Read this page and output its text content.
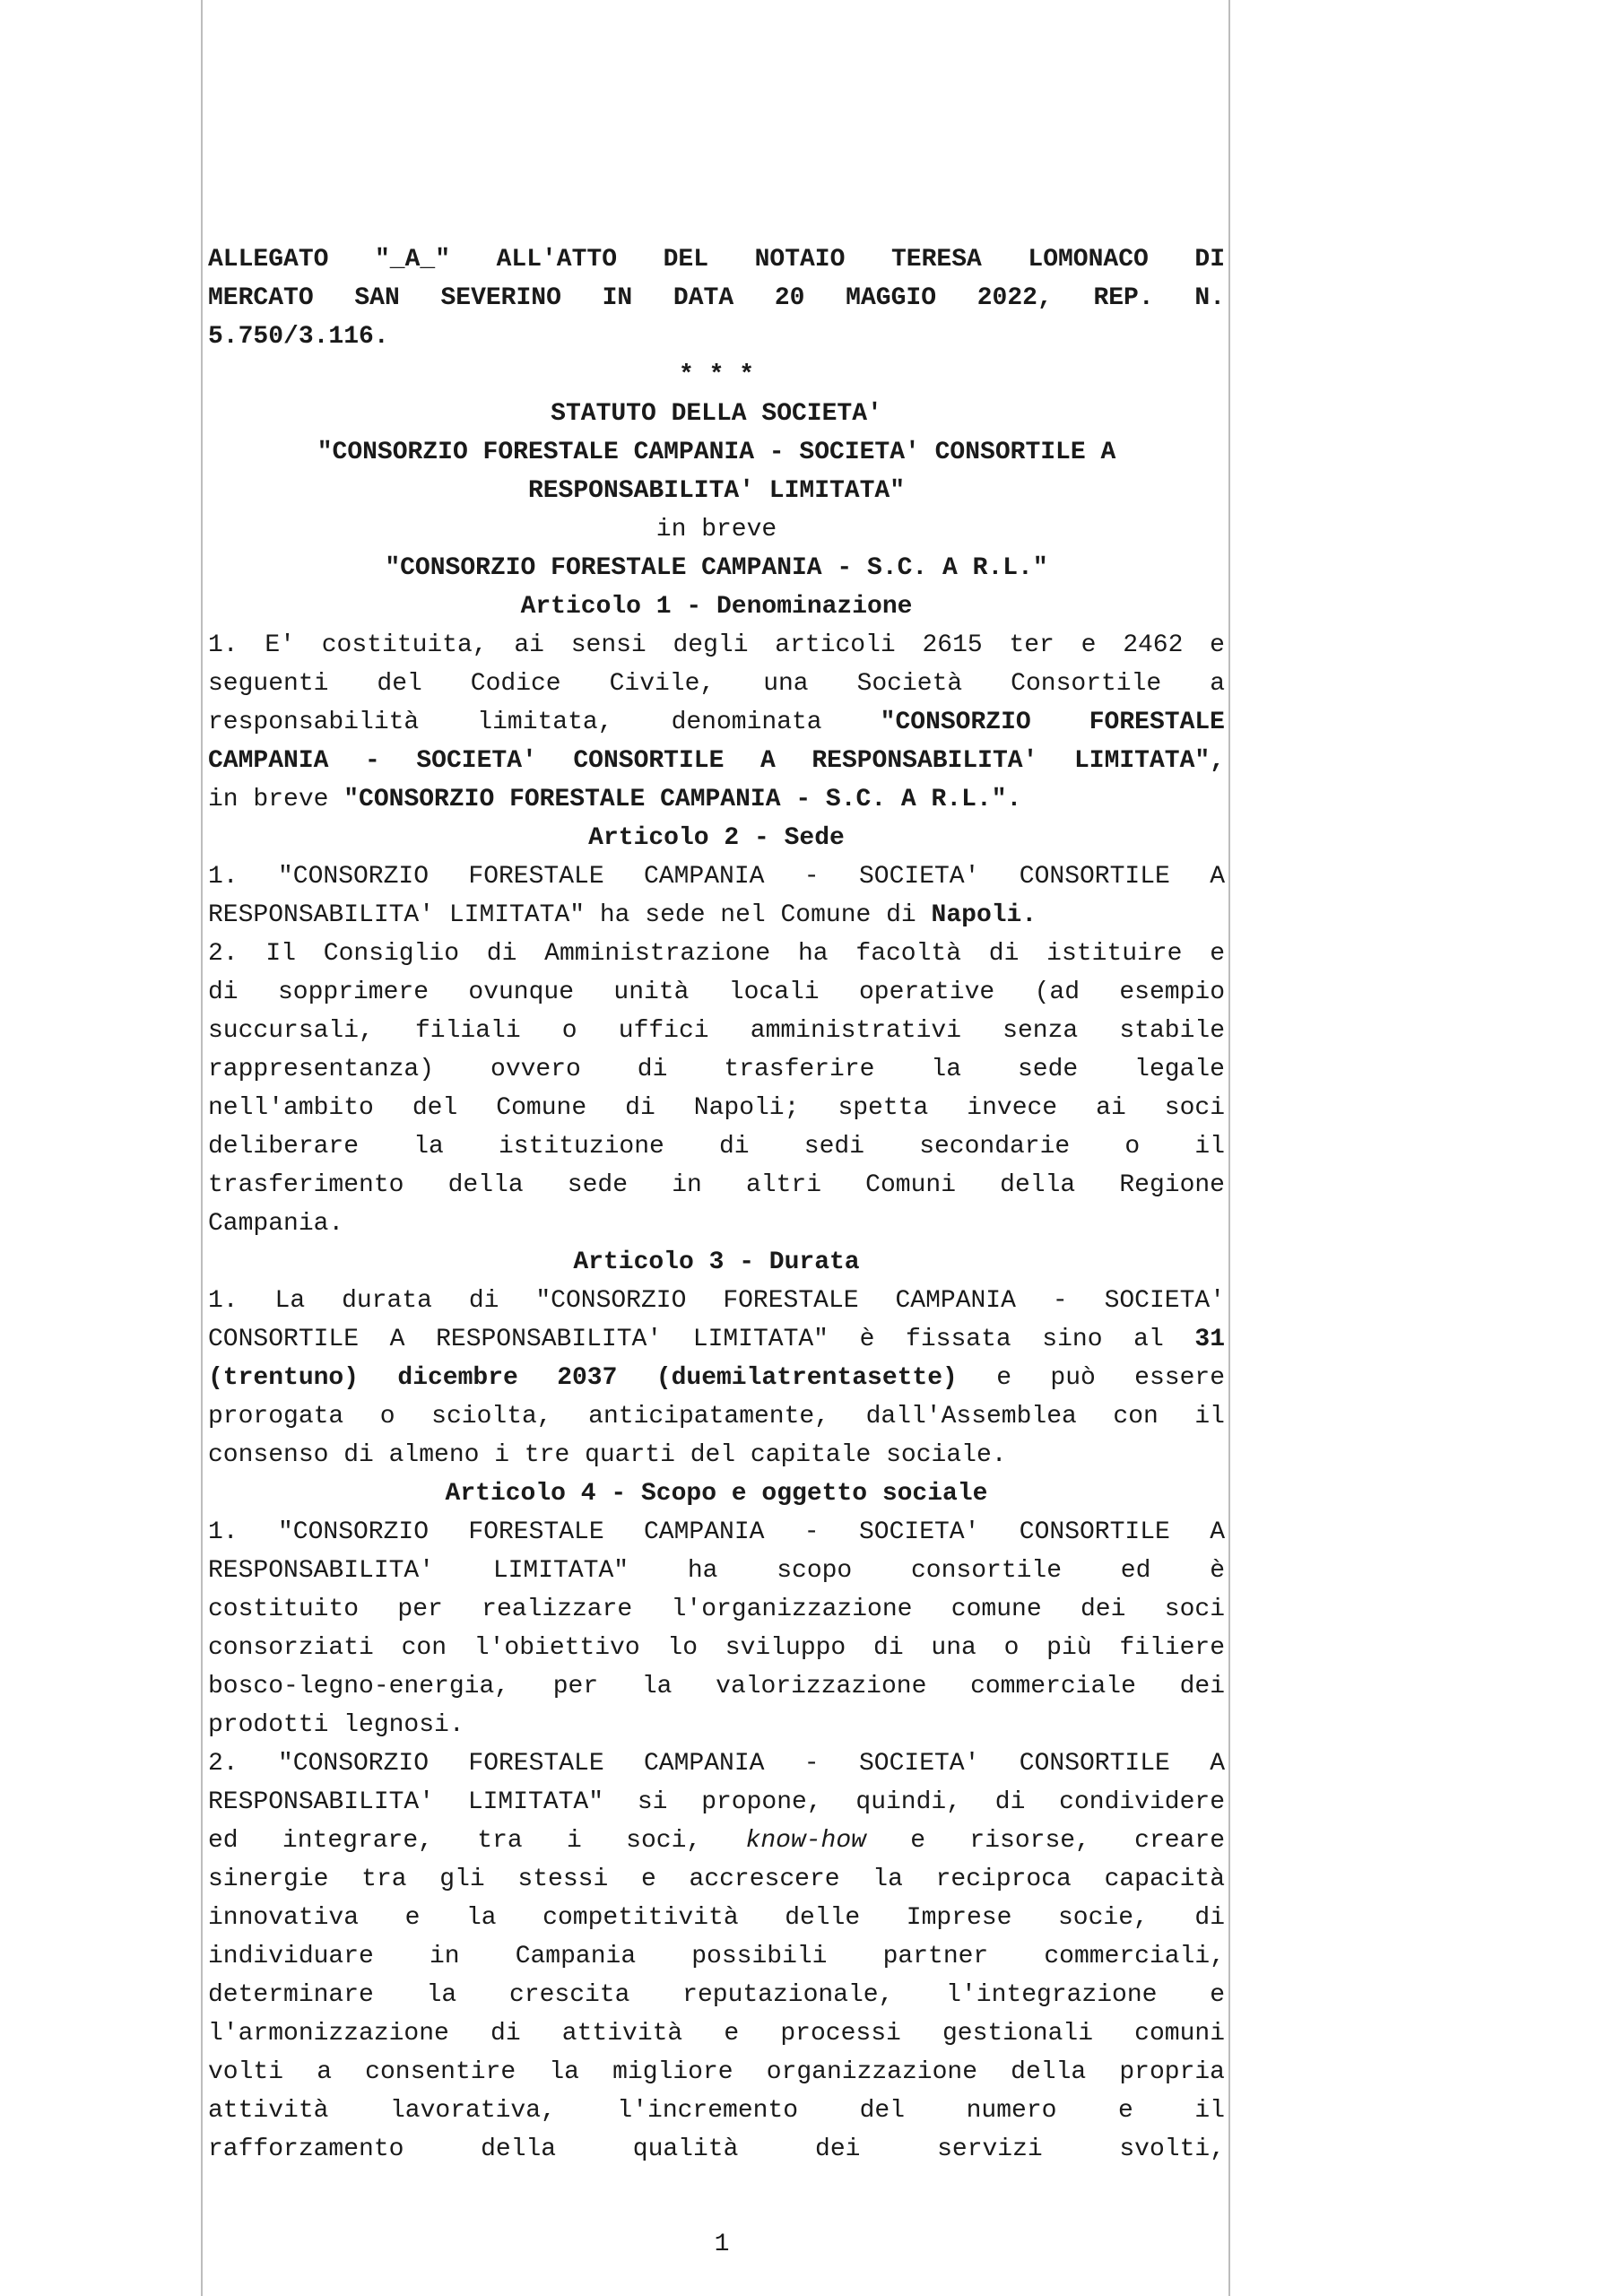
ALLEGATO "_A_" ALL'ATTO DEL NOTAIO TERESA LOMONACO DI
MERCATO SAN SEVERINO IN DATA 20 MAGGIO 2022, REP. N.
5.750/3.116.
* * *
STATUTO DELLA SOCIETA'
"CONSORZIO FORESTALE CAMPANIA - SOCIETA' CONSORTILE A
RESPONSABILITA' LIMITATA"
in breve
"CONSORZIO FORESTALE CAMPANIA - S.C. A R.L."
Articolo 1 - Denominazione
1. E' costituita, ai sensi degli articoli 2615 ter e 2462 e
seguenti del Codice Civile, una Società Consortile a
responsabilità limitata, denominata "CONSORZIO FORESTALE
CAMPANIA - SOCIETA' CONSORTILE A RESPONSABILITA' LIMITATA",
in breve "CONSORZIO FORESTALE CAMPANIA - S.C. A R.L.".
Articolo 2 - Sede
1. "CONSORZIO FORESTALE CAMPANIA - SOCIETA' CONSORTILE A
RESPONSABILITA' LIMITATA" ha sede nel Comune di Napoli.
2. Il Consiglio di Amministrazione ha facoltà di istituire e
di sopprimere ovunque unità locali operative (ad esempio
succursali, filiali o uffici amministrativi senza stabile
rappresentanza) ovvero di trasferire la sede legale
nell'ambito del Comune di Napoli; spetta invece ai soci
deliberare la istituzione di sedi secondarie o il
trasferimento della sede in altri Comuni della Regione
Campania.
Articolo 3 - Durata
1. La durata di "CONSORZIO FORESTALE CAMPANIA - SOCIETA'
CONSORTILE A RESPONSABILITA' LIMITATA" è fissata sino al 31
(trentuno) dicembre 2037 (duemilatrentasette) e può essere
prorogata o sciolta, anticipatamente, dall'Assemblea con il
consenso di almeno i tre quarti del capitale sociale.
Articolo 4 - Scopo e oggetto sociale
1. "CONSORZIO FORESTALE CAMPANIA - SOCIETA' CONSORTILE A
RESPONSABILITA' LIMITATA" ha scopo consortile ed è
costituito per realizzare l'organizzazione comune dei soci
consorziati con l'obiettivo lo sviluppo di una o più filiere
bosco-legno-energia, per la valorizzazione commerciale dei
prodotti legnosi.
2. "CONSORZIO FORESTALE CAMPANIA - SOCIETA' CONSORTILE A
RESPONSABILITA' LIMITATA" si propone, quindi, di condividere
ed integrare, tra i soci, know-how e risorse, creare
sinergie tra gli stessi e accrescere la reciproca capacità
innovativa e la competitività delle Imprese socie, di
individuare in Campania possibili partner commerciali,
determinare la crescita reputazionale, l'integrazione e
l'armonizzazione di attività e processi gestionali comuni
volti a consentire la migliore organizzazione della propria
attività lavorativa, l'incremento del numero e il
rafforzamento della qualità dei servizi svolti,
1
